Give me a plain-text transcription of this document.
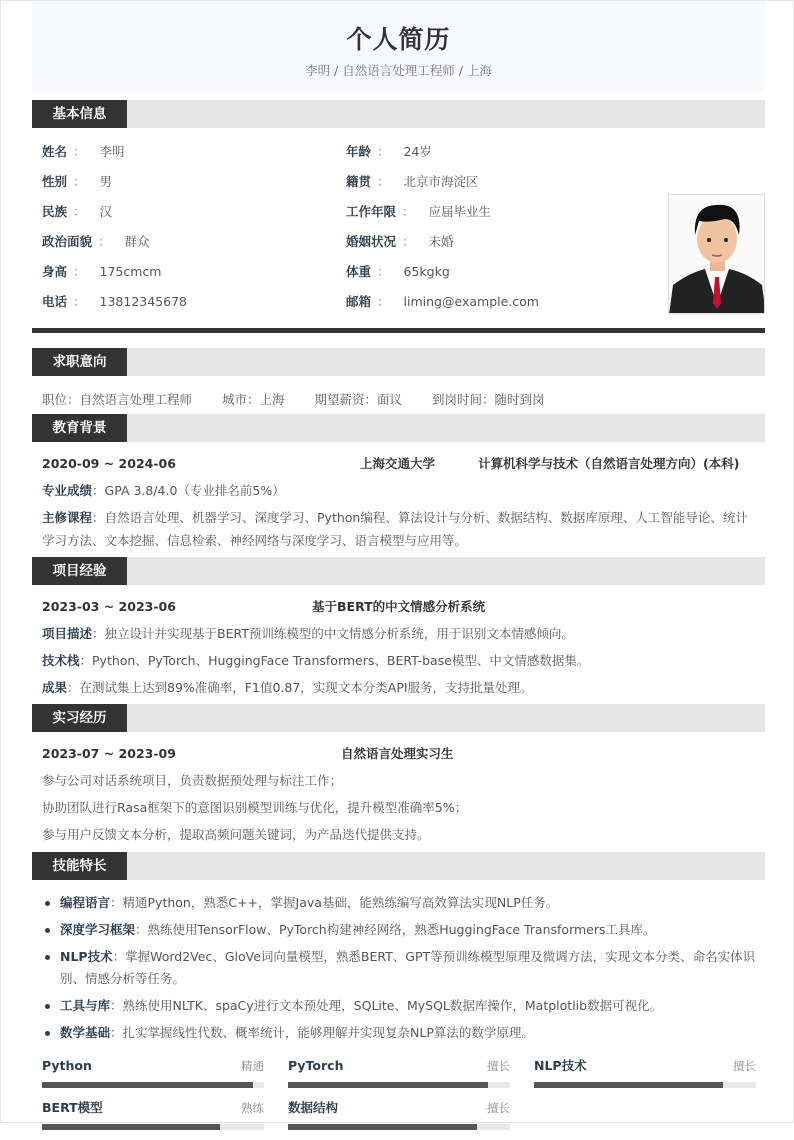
个人简历
李明 / 自然语言处理工程师 / 上海
基本信息
姓名 ： 李明	年龄 ： 24岁
性别 ： 男	籍贯 ： 北京市海淀区
民族 ： 汉	工作年限 ： 应届毕业生
政治面貌 ： 群众	婚姻状况 ： 未婚
身高 ： 175cmcm	体重 ： 65kgkg
电话 ： 13812345678	邮箱 ： liming@example.com
求职意向
职位：自然语言处理工程师 城市：上海 期望薪资：面议 到岗时间：随时到岗
教育背景
2020-09 ~ 2024-06	上海交通大学	计算机科学与技术（自然语言处理方向）(本科)
专业成绩：GPA 3.8/4.0（专业排名前5%）
主修课程：自然语言处理、机器学习、深度学习、Python编程、算法设计与分析、数据结构、数据库原理、人工智能导论、统计学习方法、文本挖掘、信息检索、神经网络与深度学习、语言模型与应用等。
项目经验
2023-03 ~ 2023-06	基于BERT的中文情感分析系统
项目描述：独立设计并实现基于BERT预训练模型的中文情感分析系统，用于识别文本情感倾向。
技术栈：Python、PyTorch、HuggingFace Transformers、BERT-base模型、中文情感数据集。
成果：在测试集上达到89%准确率，F1值0.87，实现文本分类API服务，支持批量处理。
实习经历
2023-07 ~ 2023-09	自然语言处理实习生
参与公司对话系统项目，负责数据预处理与标注工作；
协助团队进行Rasa框架下的意图识别模型训练与优化，提升模型准确率5%；
参与用户反馈文本分析，提取高频问题关键词，为产品迭代提供支持。
技能特长
编程语言：精通Python，熟悉C++，掌握Java基础，能熟练编写高效算法实现NLP任务。
深度学习框架：熟练使用TensorFlow、PyTorch构建神经网络，熟悉HuggingFace Transformers工具库。
NLP技术：掌握Word2Vec、GloVe词向量模型，熟悉BERT、GPT等预训练模型原理及微调方法，实现文本分类、命名实体识别、情感分析等任务。
工具与库：熟练使用NLTK、spaCy进行文本预处理，SQLite、MySQL数据库操作，Matplotlib数据可视化。
数学基础：扎实掌握线性代数、概率统计，能够理解并实现复杂NLP算法的数学原理。
Python	精通 PyTorch	擅长 NLP技术	擅长
BERT模型	熟练 数据结构	擅长
